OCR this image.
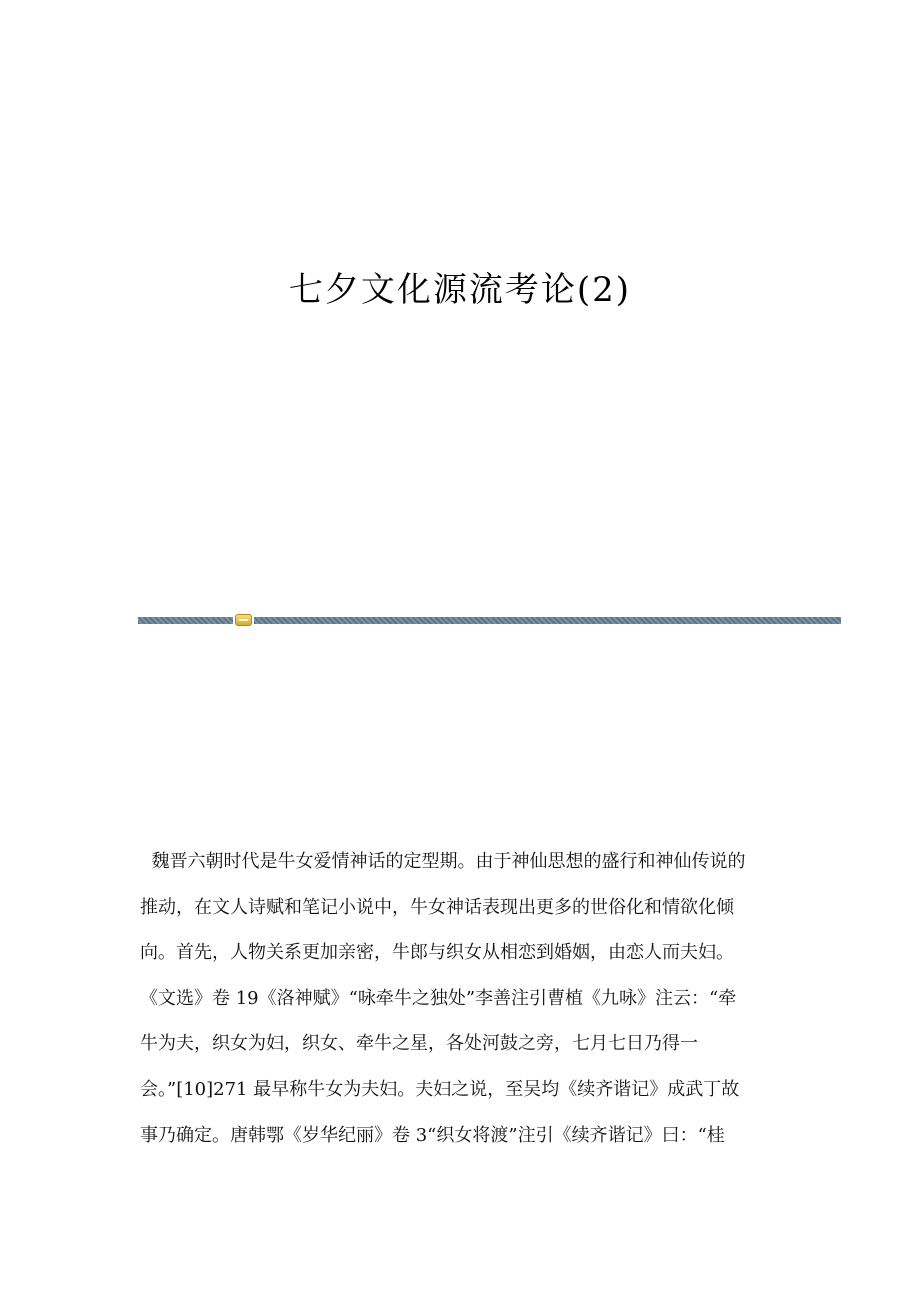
七夕文化源流考论(2)
魏晋六朝时代是牛女爱情神话的定型期。由于神仙思想的盛行和神仙传说的
推动，在文人诗赋和笔记小说中，牛女神话表现出更多的世俗化和情欲化倾
向。首先，人物关系更加亲密，牛郎与织女从相恋到婚姻，由恋人而夫妇。
《文选》卷 19《洛神赋》“咏牵牛之独处”李善注引曹植《九咏》注云：“牵
牛为夫，织女为妇，织女、牵牛之星，各处河鼓之旁，七月七日乃得一
会。”[10]271 最早称牛女为夫妇。夫妇之说，至吴均《续齐谐记》成武丁故
事乃确定。唐韩鄂《岁华纪丽》卷 3“织女将渡”注引《续齐谐记》曰：“桂
